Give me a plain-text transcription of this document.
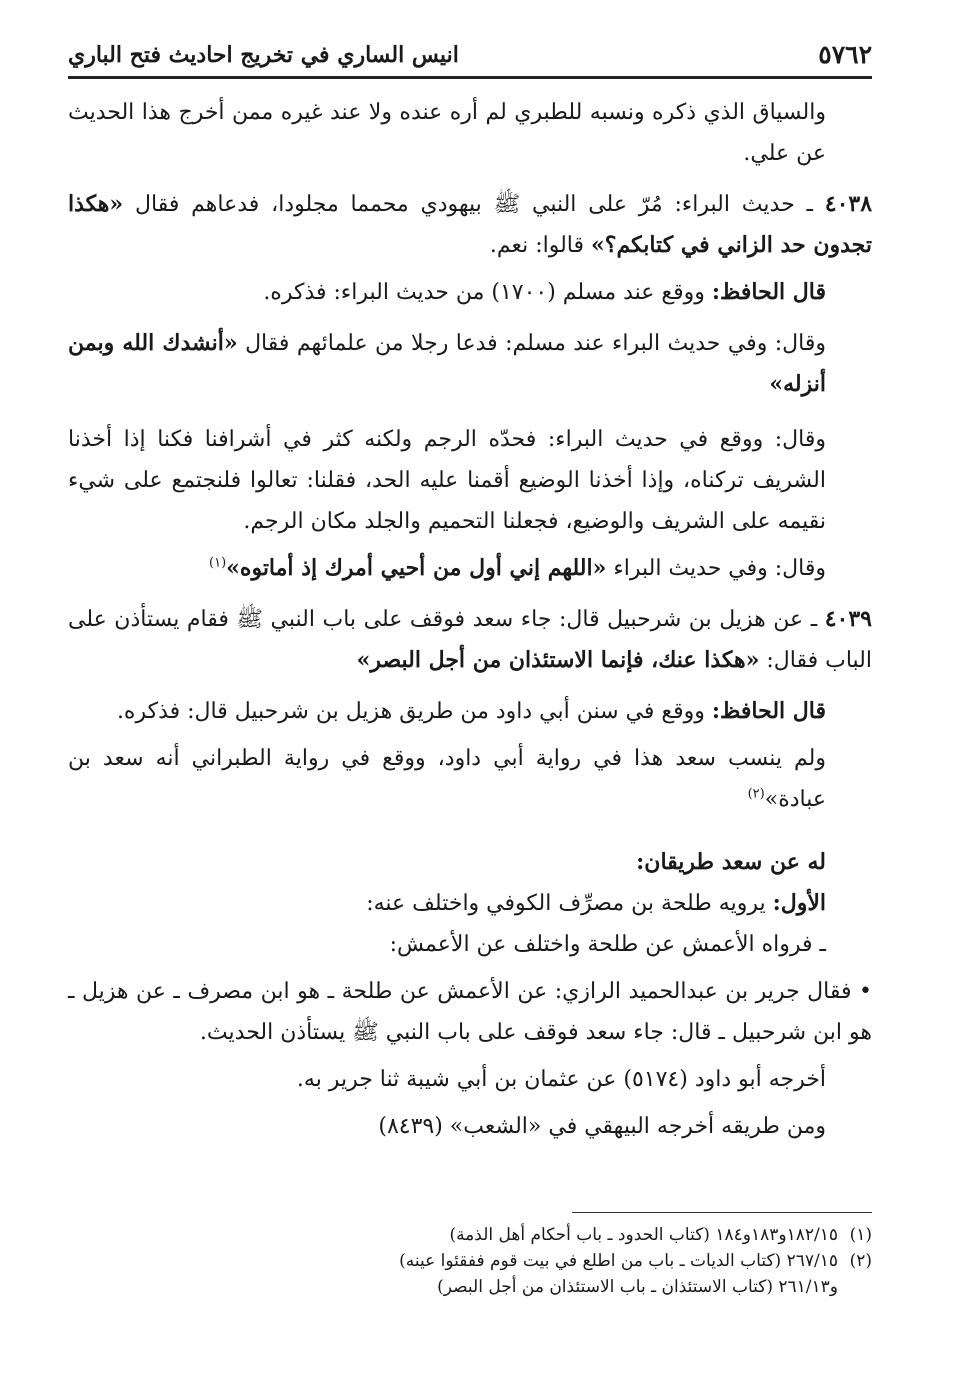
٥٧٦٢
انيس الساري في تخريج احاديث فتح الباري

والسياق الذي ذكره ونسبه للطبري لم أره عنده ولا عند غيره ممن أخرج هذا الحديث عن علي.

٤٠٣٨ ـ حديث البراء: مُرّ على النبي ﷺ بيهودي محمما مجلودا، فدعاهم فقال «هكذا تجدون حد الزاني في كتابكم؟» قالوا: نعم.

قال الحافظ: ووقع عند مسلم (١٧٠٠) من حديث البراء: فذكره.

وقال: وفي حديث البراء عند مسلم: فدعا رجلا من علمائهم فقال «أنشدك الله وبمن أنزله»

وقال: ووقع في حديث البراء: فحدّه الرجم ولكنه كثر في أشرافنا فكنا إذا أخذنا الشريف تركناه، وإذا أخذنا الوضيع أقمنا عليه الحد، فقلنا: تعالوا فلنجتمع على شيء نقيمه على الشريف والوضيع، فجعلنا التحميم والجلد مكان الرجم.

وقال: وفي حديث البراء «اللهم إني أول من أحيي أمرك إذ أماتوه»$^{(١)}$

٤٠٣٩ ـ عن هزيل بن شرحبيل قال: جاء سعد فوقف على باب النبي ﷺ فقام يستأذن على الباب فقال: «هكذا عنك، فإنما الاستئذان من أجل البصر»

قال الحافظ: ووقع في سنن أبي داود من طريق هزيل بن شرحبيل قال: فذكره.

ولم ينسب سعد هذا في رواية أبي داود، ووقع في رواية الطبراني أنه سعد بن عبادة»$^{(٢)}$

له عن سعد طريقان:

الأول: يرويه طلحة بن مصرِّف الكوفي واختلف عنه:

ـ فرواه الأعمش عن طلحة واختلف عن الأعمش:

• فقال جرير بن عبدالحميد الرازي: عن الأعمش عن طلحة ـ هو ابن مصرف ـ عن هزيل ـ هو ابن شرحبيل ـ قال: جاء سعد فوقف على باب النبي ﷺ يستأذن الحديث.

أخرجه أبو داود (٥١٧٤) عن عثمان بن أبي شيبة ثنا جرير به.

ومن طريقه أخرجه البيهقي في «الشعب» (٨٤٣٩)

(١)١٨٢/١٥و١٨٣و١٨٤ (كتاب الحدود ـ باب أحكام أهل الذمة)

(٢)٢٦٧/١٥ (كتاب الديات ـ باب من اطلع في بيت قوم ففقئوا عينه)

و٢٦١/١٣ (كتاب الاستئذان ـ باب الاستئذان من أجل البصر)
